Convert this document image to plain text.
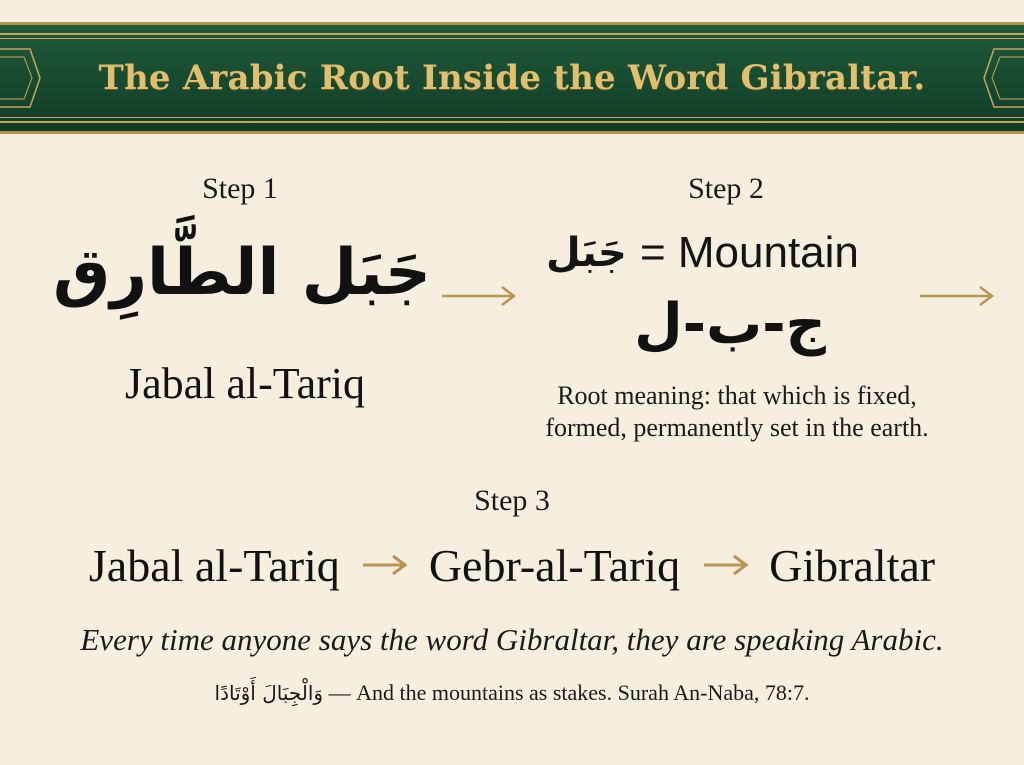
The Arabic Root Inside the Word Gibraltar.
Step 1
جَبَل الطَّارِق
Jabal al-Tariq
Step 2
جَبَل = Mountain
ج-ب-ل
Root meaning: that which is fixed,
formed, permanently set in the earth.
Step 3
Jabal al-Tariq Gebr-al-Tariq Gibraltar
Every time anyone says the word Gibraltar, they are speaking Arabic.
وَالْجِبَالَ أَوْتَادًا — And the mountains as stakes. Surah An-Naba, 78:7.
